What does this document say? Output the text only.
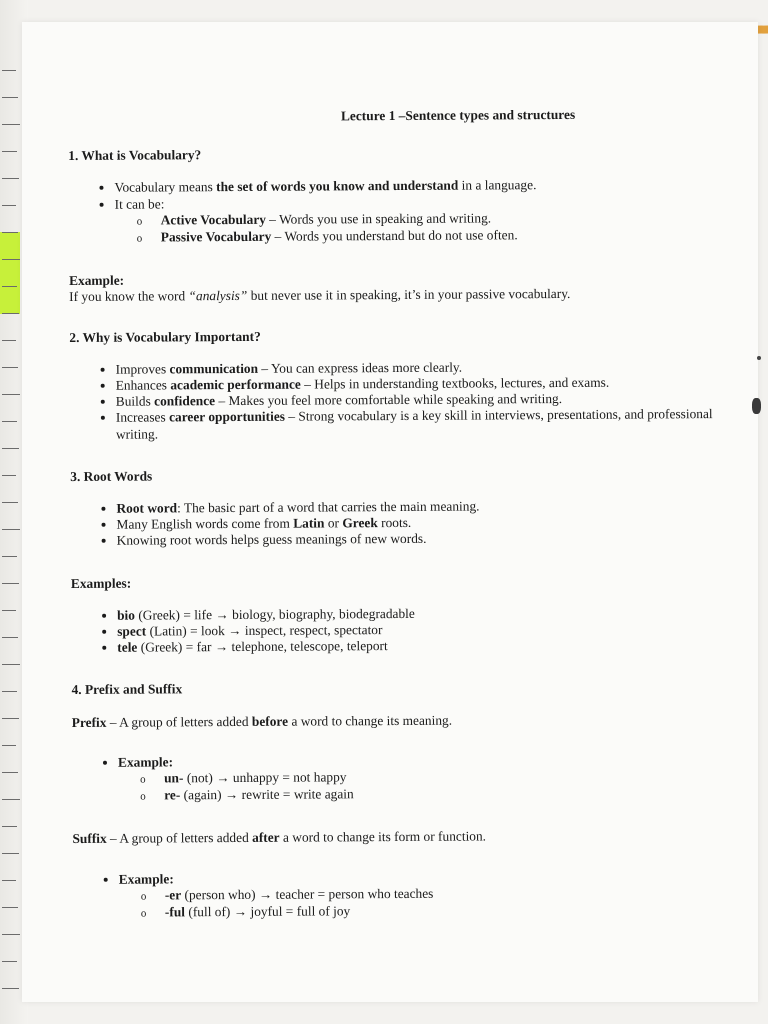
Lecture 1 –Sentence types and structures
1. What is Vocabulary?
• Vocabulary means the set of words you know and understand in a language.
• It can be:
o Active Vocabulary – Words you use in speaking and writing.
o Passive Vocabulary – Words you understand but do not use often.

Example:

If you know the word “analysis” but never use it in speaking, it’s in your passive vocabulary.

2. Why is Vocabulary Important?
• Improves communication – You can express ideas more clearly.
• Enhances academic performance – Helps in understanding textbooks, lectures, and exams.
• Builds confidence – Makes you feel more comfortable while speaking and writing.
• Increases career opportunities – Strong vocabulary is a key skill in interviews, presentations, and professional writing.
3. Root Words
• Root word: The basic part of a word that carries the main meaning.
• Many English words come from Latin or Greek roots.
• Knowing root words helps guess meanings of new words.
Examples:
• bio (Greek) = life → biology, biography, biodegradable
• spect (Latin) = look → inspect, respect, spectator
• tele (Greek) = far → telephone, telescope, teleport
4. Prefix and Suffix

Prefix – A group of letters added before a word to change its meaning.

• Example:
o un- (not) → unhappy = not happy
o re- (again) → rewrite = write again

Suffix – A group of letters added after a word to change its form or function.

• Example:
o -er (person who) → teacher = person who teaches
o -ful (full of) → joyful = full of joy
